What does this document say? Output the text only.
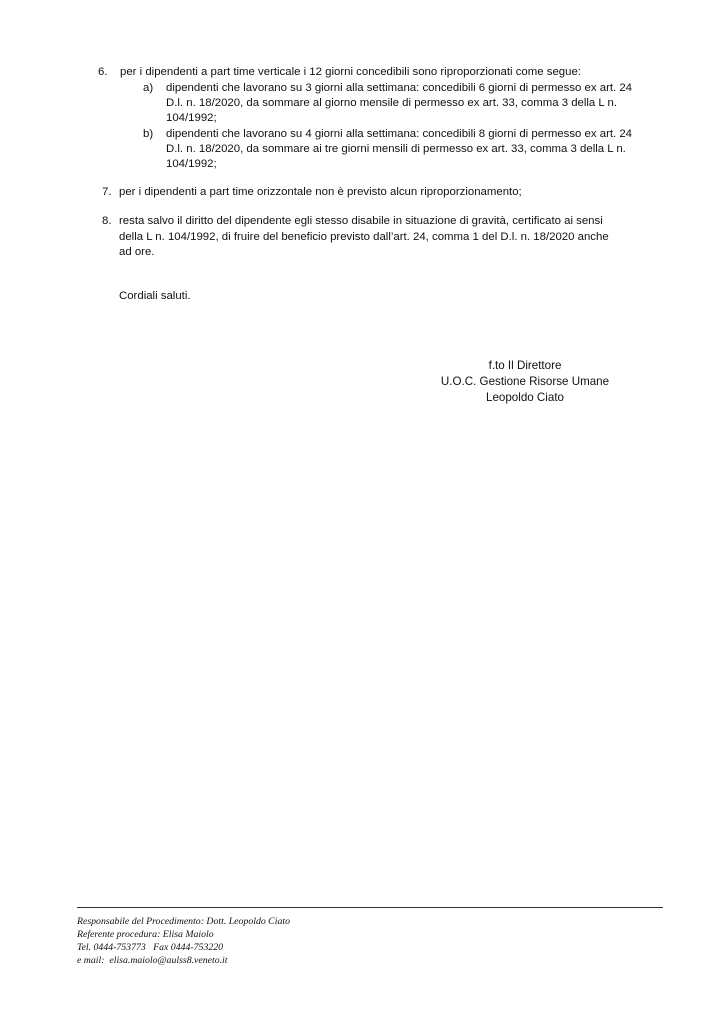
6. per i dipendenti a part time verticale i 12 giorni concedibili sono riproporzionati come segue:
a) dipendenti che lavorano su 3 giorni alla settimana: concedibili 6 giorni di permesso ex art. 24
D.l. n. 18/2020, da sommare al giorno mensile di permesso ex art. 33, comma 3 della L n.
104/1992;
b) dipendenti che lavorano su 4 giorni alla settimana: concedibili 8 giorni di permesso ex art. 24
D.l. n. 18/2020, da sommare ai tre giorni mensili di permesso ex art. 33, comma 3 della L n.
104/1992;
7. per i dipendenti a part time orizzontale non è previsto alcun riproporzionamento;
8. resta salvo il diritto del dipendente egli stesso disabile in situazione di gravità, certificato ai sensi
della L n. 104/1992, di fruire del beneficio previsto dall’art. 24, comma 1 del D.l. n. 18/2020 anche
ad ore.
Cordiali saluti.
f.to Il Direttore
U.O.C. Gestione Risorse Umane
Leopoldo Ciato
Responsabile del Procedimento: Dott. Leopoldo Ciato
Referente procedura: Elisa Maiolo
Tel. 0444-753773   Fax 0444-753220
e mail:  elisa.maiolo@aulss8.veneto.it
